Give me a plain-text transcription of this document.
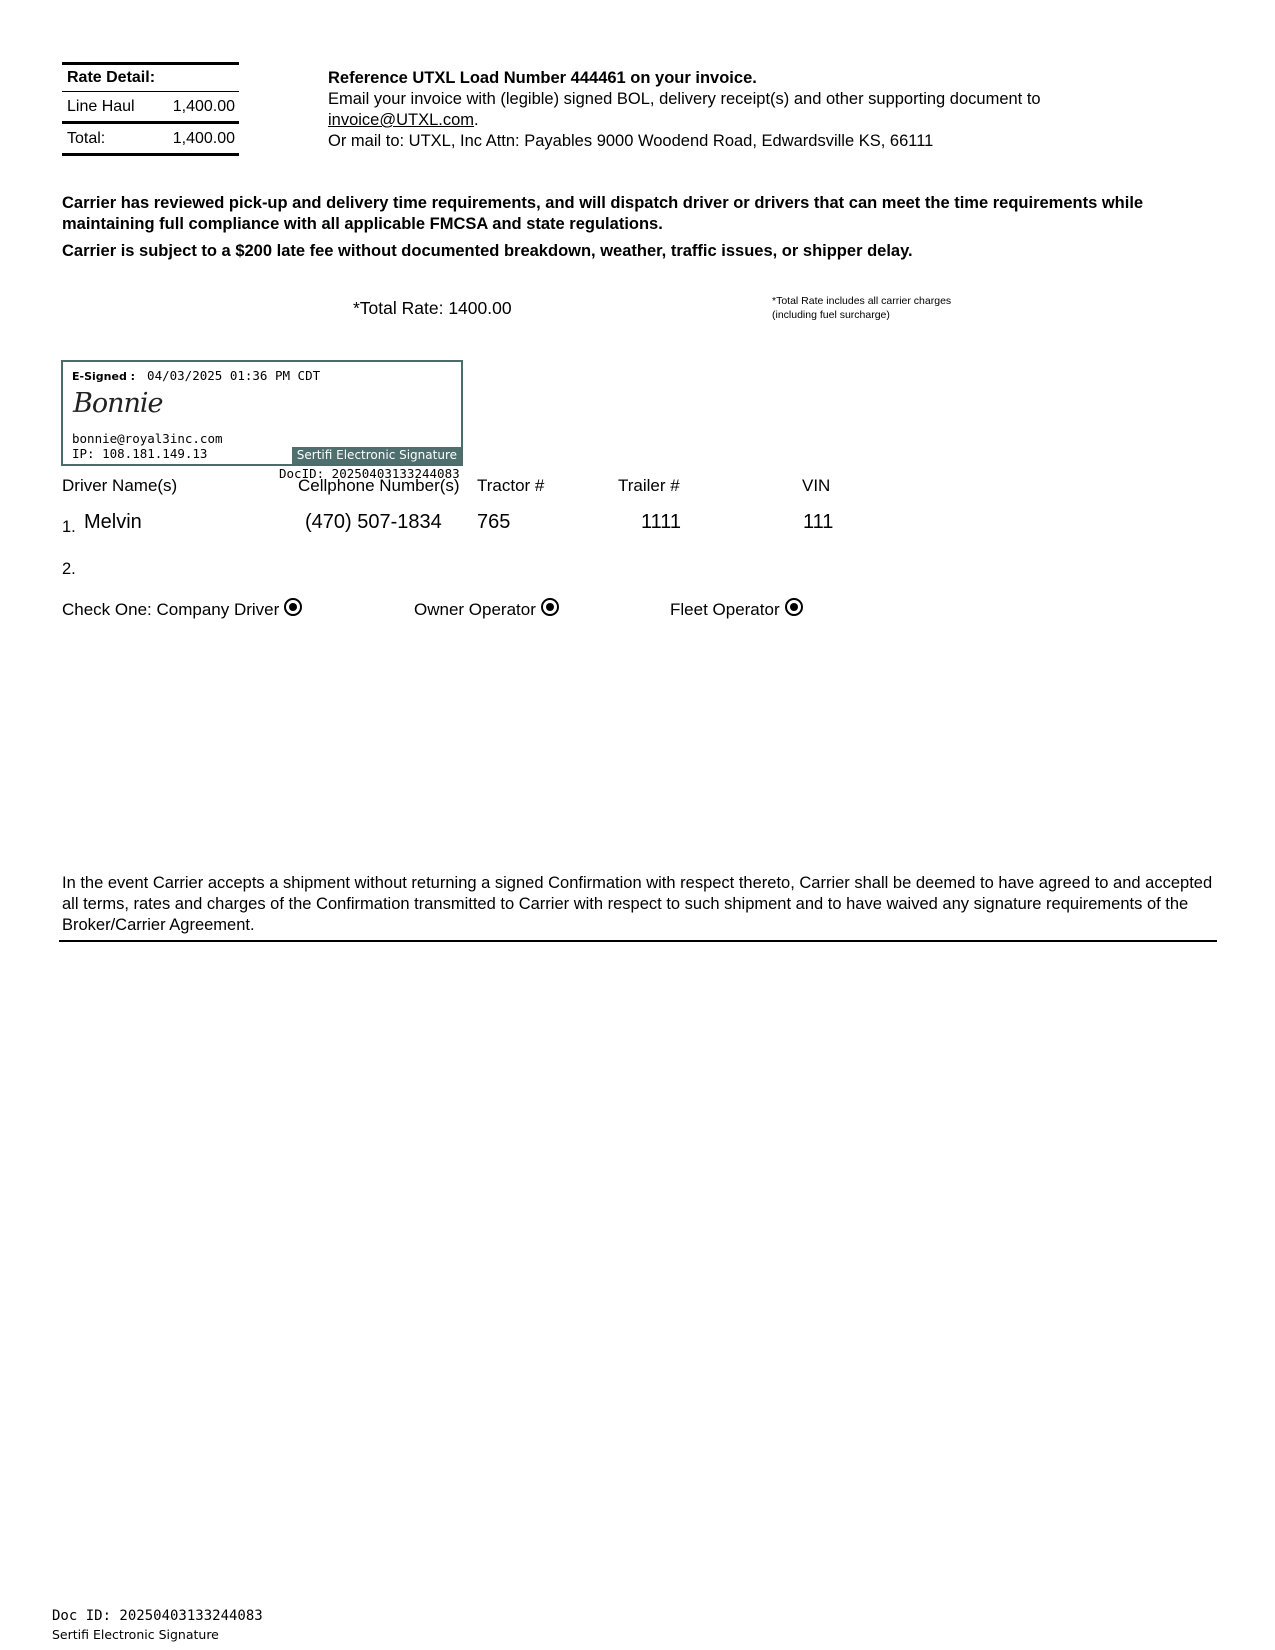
Rate Detail:
Line Haul 1,400.00
Total:	1,400.00
Reference UTXL Load Number 444461 on your invoice.
Email your invoice with (legible) signed BOL, delivery receipt(s) and other supporting document to
invoice@UTXL.com.
Or mail to: UTXL, Inc Attn: Payables 9000 Woodend Road, Edwardsville KS, 66111

Carrier has reviewed pick-up and delivery time requirements, and will dispatch driver or drivers that can meet the time requirements while maintaining full compliance with all applicable FMCSA and state regulations.

Carrier is subject to a $200 late fee without documented breakdown, weather, traffic issues, or shipper delay.

*Total Rate: 1400.00	*Total Rate includes all carrier charges (including fuel surcharge)
E-Signed : 04/03/2025 01:36 PM CDT
Bonnie
bonnie@royal3inc.com
IP: 108.181.149.13	Sertifi Electronic Signature
DocID: 20250403133244083
Driver Name(s)	Cellphone Number(s) Tractor #	Trailer #	VIN
1. Melvin	(470) 507-1834 765	1111	111
2.
Check One: Company Driver	Owner Operator	Fleet Operator
In the event Carrier accepts a shipment without returning a signed Confirmation with respect thereto, Carrier shall be deemed to have agreed to and accepted all terms, rates and charges of the Confirmation transmitted to Carrier with respect to such shipment and to have waived any signature requirements of the Broker/Carrier Agreement.
Doc ID: 20250403133244083
Sertifi Electronic Signature
